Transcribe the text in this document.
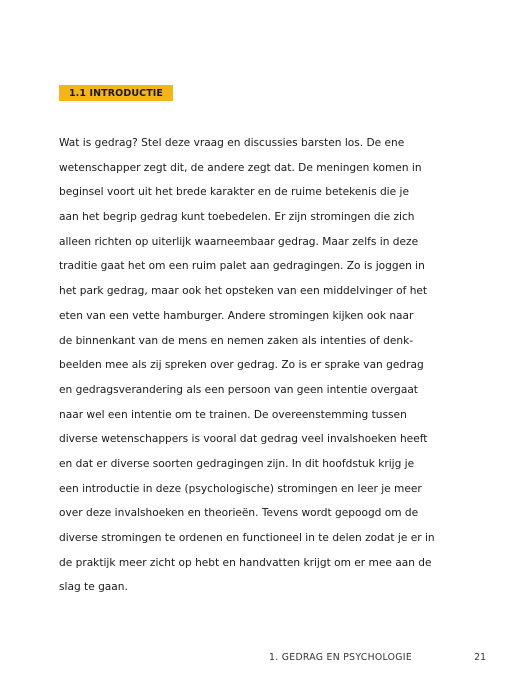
1.1 INTRODUCTIE
Wat is gedrag? Stel deze vraag en discussies barsten los. De ene
wetenschapper zegt dit, de andere zegt dat. De meningen komen in
beginsel voort uit het brede karakter en de ruime betekenis die je
aan het begrip gedrag kunt toebedelen. Er zijn stromingen die zich
alleen richten op uiterlijk waarneembaar gedrag. Maar zelfs in deze
traditie gaat het om een ruim palet aan gedragingen. Zo is joggen in
het park gedrag, maar ook het opsteken van een middelvinger of het
eten van een vette hamburger. Andere stromingen kijken ook naar
de binnenkant van de mens en nemen zaken als intenties of denk-
beelden mee als zij spreken over gedrag. Zo is er sprake van gedrag
en gedragsverandering als een persoon van geen intentie overgaat
naar wel een intentie om te trainen. De overeenstemming tussen
diverse wetenschappers is vooral dat gedrag veel invalshoeken heeft
en dat er diverse soorten gedragingen zijn. In dit hoofdstuk krijg je
een introductie in deze (psychologische) stromingen en leer je meer
over deze invalshoeken en theorieën. Tevens wordt gepoogd om de
diverse stromingen te ordenen en functioneel in te delen zodat je er in
de praktijk meer zicht op hebt en handvatten krijgt om er mee aan de
slag te gaan.
1. GEDRAG EN PSYCHOLOGIE	21
